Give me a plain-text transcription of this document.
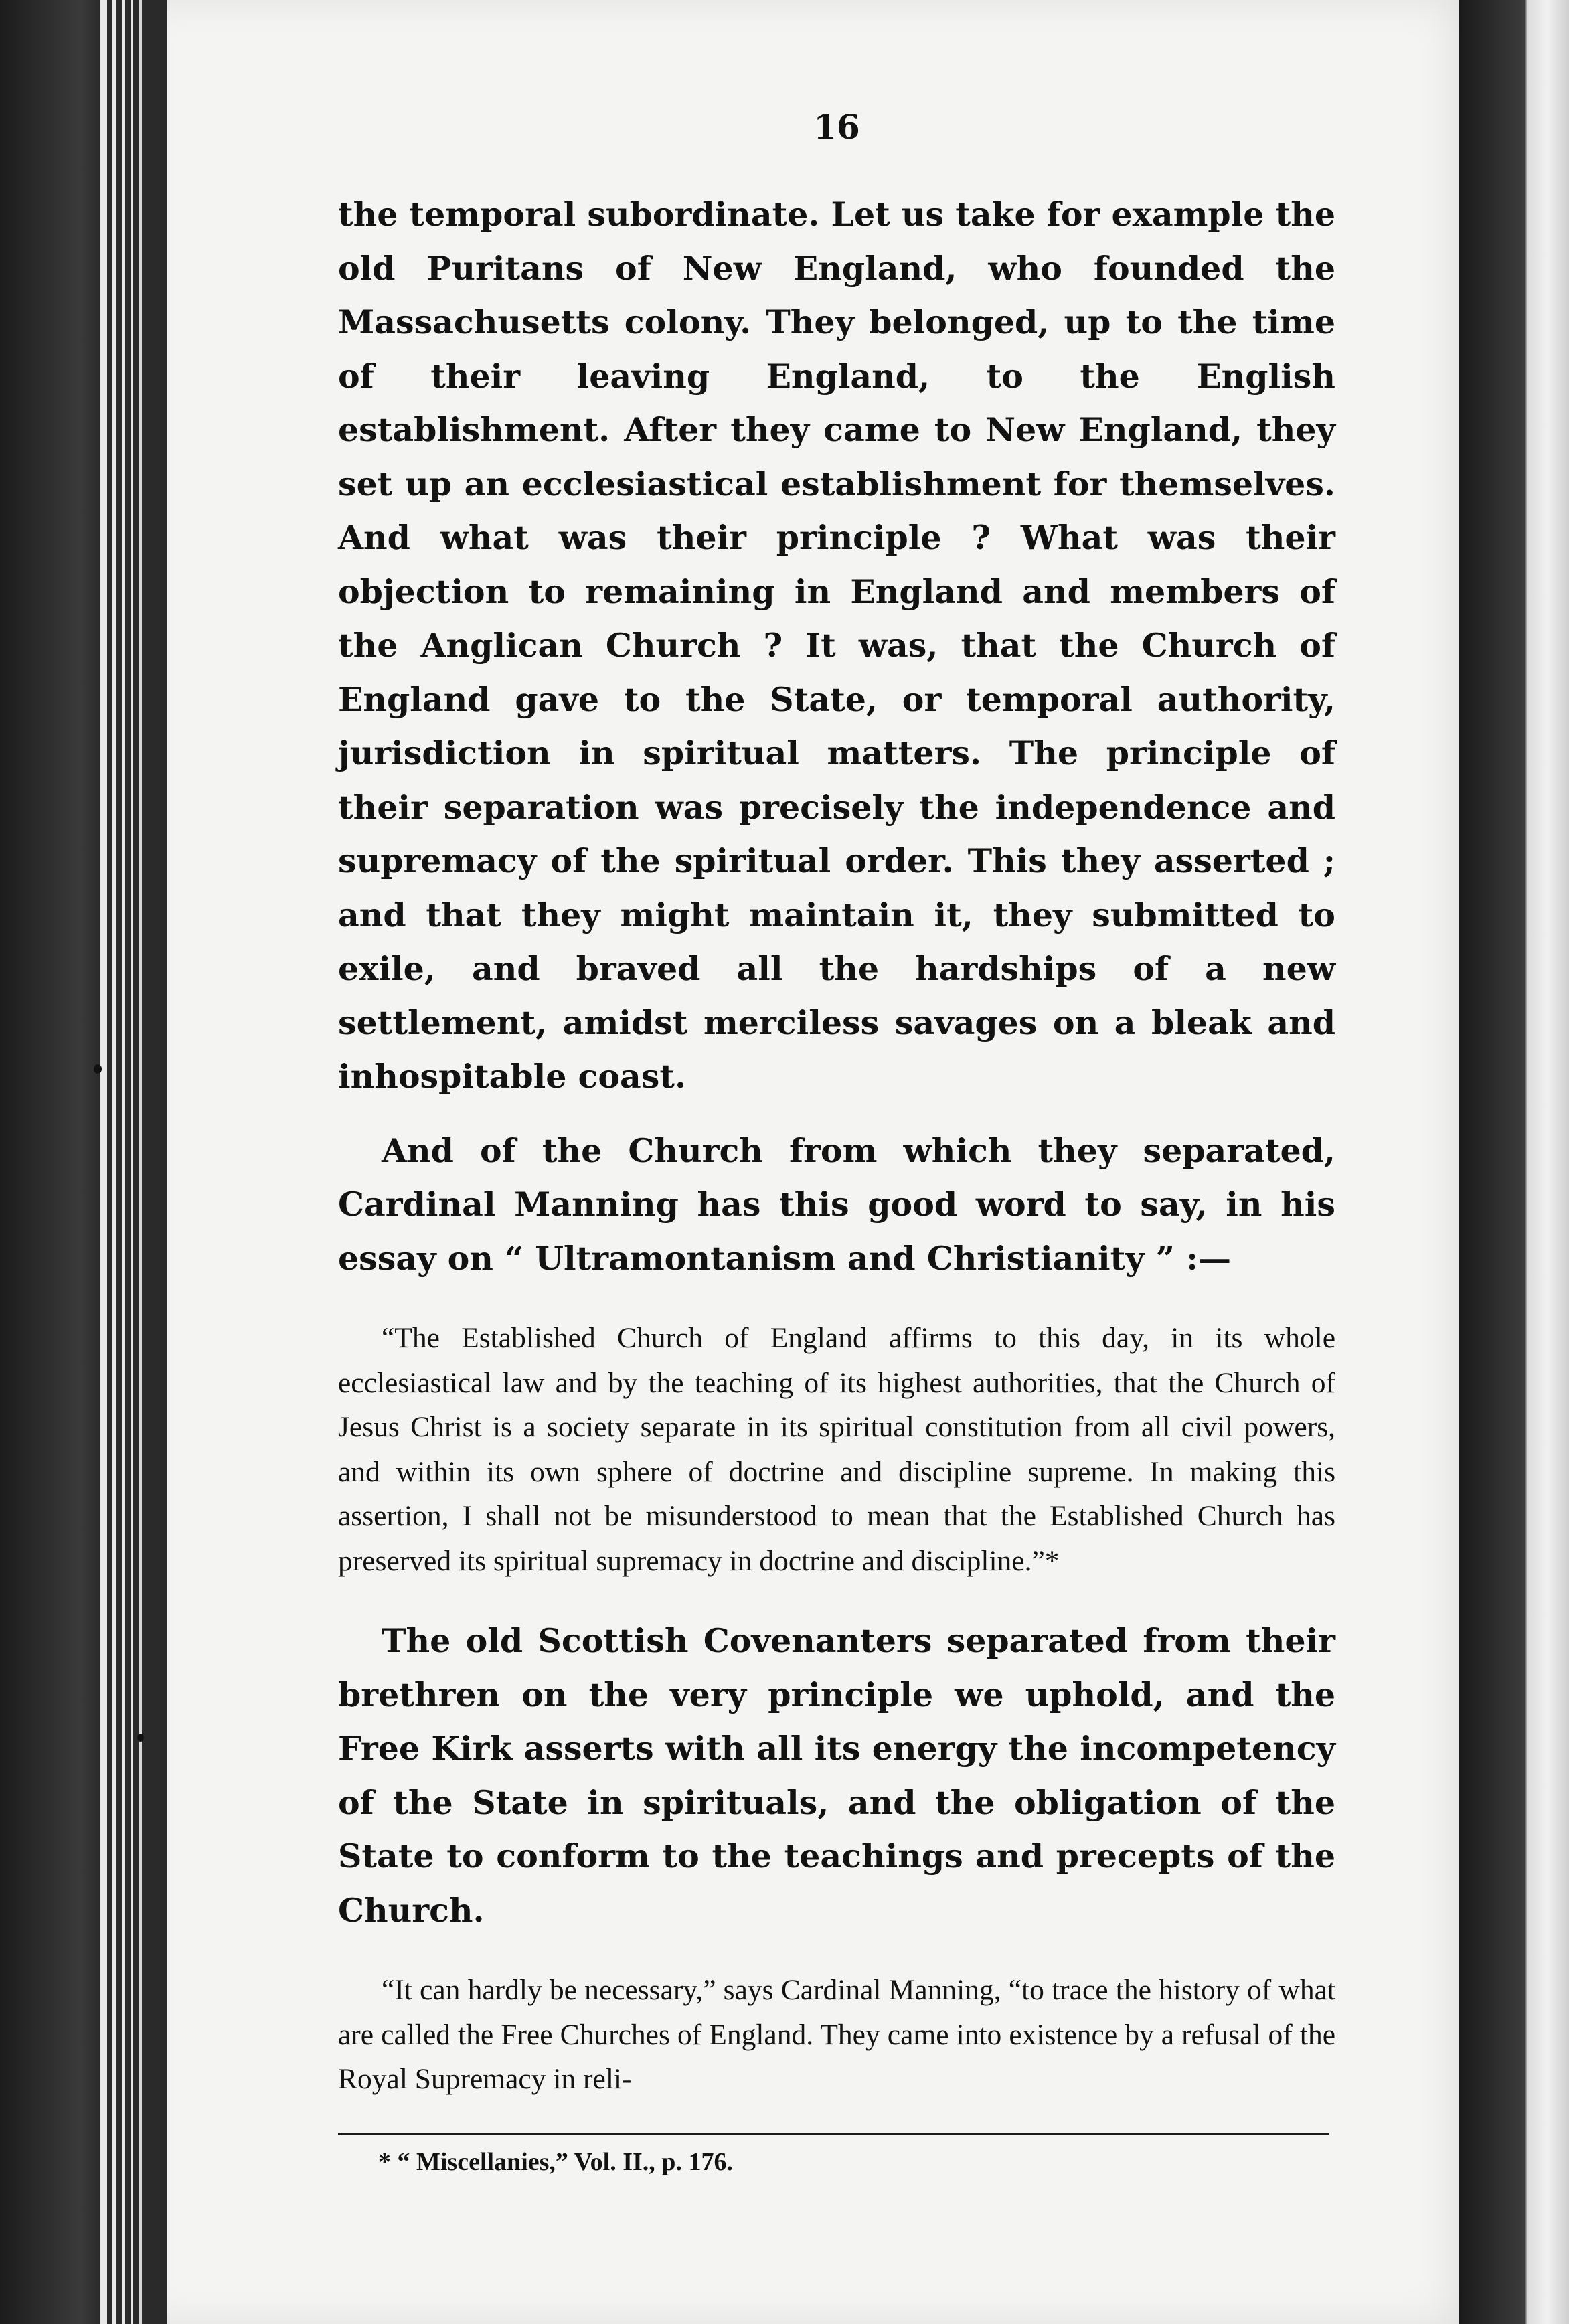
16

the temporal subordinate. Let us take for example the old Puritans of New England, who founded the Massachusetts colony. They belonged, up to the time of their leaving England, to the English establishment. After they came to New England, they set up an ecclesiastical establishment for themselves. And what was their principle ? What was their objection to remaining in England and members of the Anglican Church ? It was, that the Church of England gave to the State, or temporal authority, jurisdiction in spiritual matters. The principle of their separation was precisely the independence and supremacy of the spiritual order. This they asserted ; and that they might maintain it, they submitted to exile, and braved all the hardships of a new settlement, amidst merciless savages on a bleak and inhospitable coast.

And of the Church from which they separated, Cardinal Manning has this good word to say, in his essay on “ Ultramontanism and Christianity ” :—

“The Established Church of England affirms to this day, in its whole ecclesiastical law and by the teaching of its highest authorities, that the Church of Jesus Christ is a society separate in its spiritual constitution from all civil powers, and within its own sphere of doctrine and discipline supreme. In making this assertion, I shall not be misunderstood to mean that the Established Church has preserved its spiritual supremacy in doctrine and discipline.”*

The old Scottish Covenanters separated from their brethren on the very principle we uphold, and the Free Kirk asserts with all its energy the incompetency of the State in spirituals, and the obligation of the State to conform to the teachings and precepts of the Church.

“It can hardly be necessary,” says Cardinal Manning, “to trace the history of what are called the Free Churches of England. They came into existence by a refusal of the Royal Supremacy in reli-

* “ Miscellanies,” Vol. II., p. 176.
